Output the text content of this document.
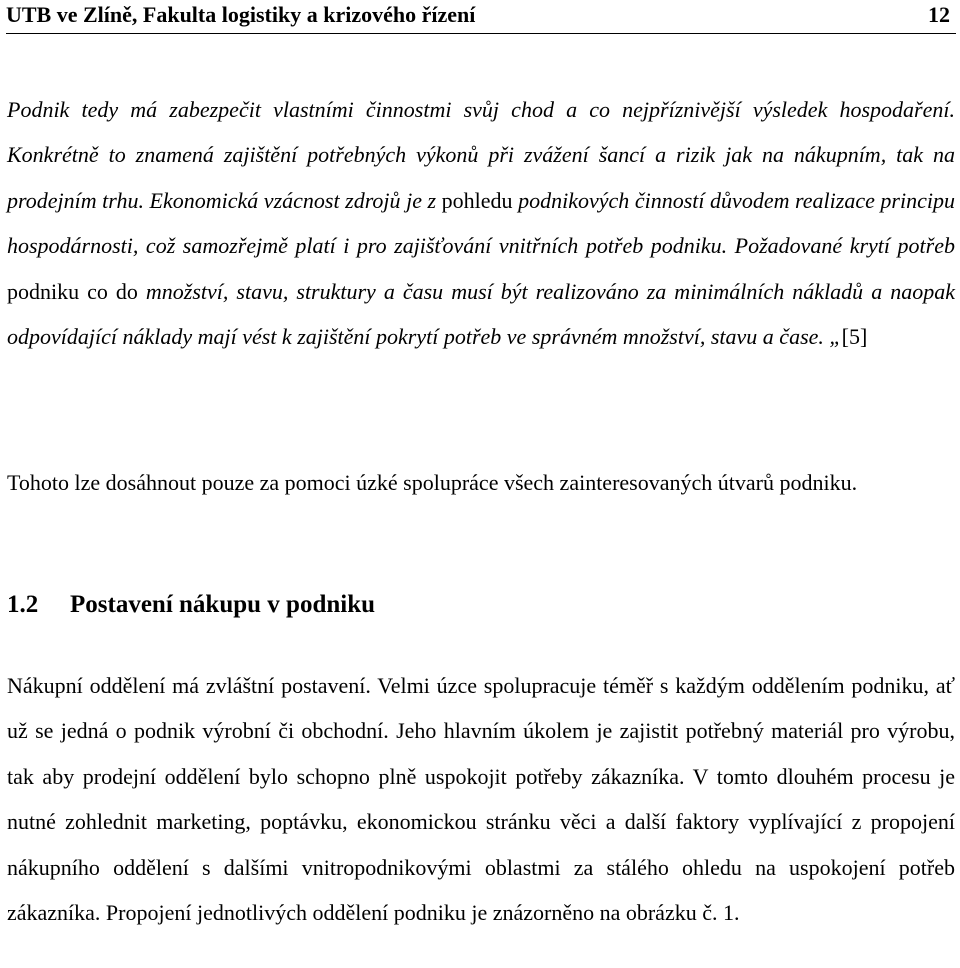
UTB ve Zlíně, Fakulta logistiky a krizového řízení	12

Podnik tedy má zabezpečit vlastními činnostmi svůj chod a co nejpříznivější výsledek hospodaření. Konkrétně to znamená zajištění potřebných výkonů při zvážení šancí a rizik jak na nákupním, tak na prodejním trhu. Ekonomická vzácnost zdrojů je z pohledu podnikových činností důvodem realizace principu hospodárnosti, což samozřejmě platí i pro zajišťování vnitřních potřeb podniku. Požadované krytí potřeb podniku co do množství, stavu, struktury a času musí být realizováno za minimálních nákladů a naopak odpovídající náklady mají vést k zajištění pokrytí potřeb ve správném množství, stavu a čase. „[5]

Tohoto lze dosáhnout pouze za pomoci úzké spolupráce všech zainteresovaných útvarů podniku.

1.2 Postavení nákupu v podniku

Nákupní oddělení má zvláštní postavení. Velmi úzce spolupracuje téměř s každým oddělením podniku, ať už se jedná o podnik výrobní či obchodní. Jeho hlavním úkolem je zajistit potřebný materiál pro výrobu, tak aby prodejní oddělení bylo schopno plně uspokojit potřeby zákazníka. V tomto dlouhém procesu je nutné zohlednit marketing, poptávku, ekonomickou stránku věci a další faktory vyplívající z propojení nákupního oddělení s dalšími vnitropodnikovými oblastmi za stálého ohledu na uspokojení potřeb zákazníka. Propojení jednotlivých oddělení podniku je znázorněno na obrázku č. 1.
